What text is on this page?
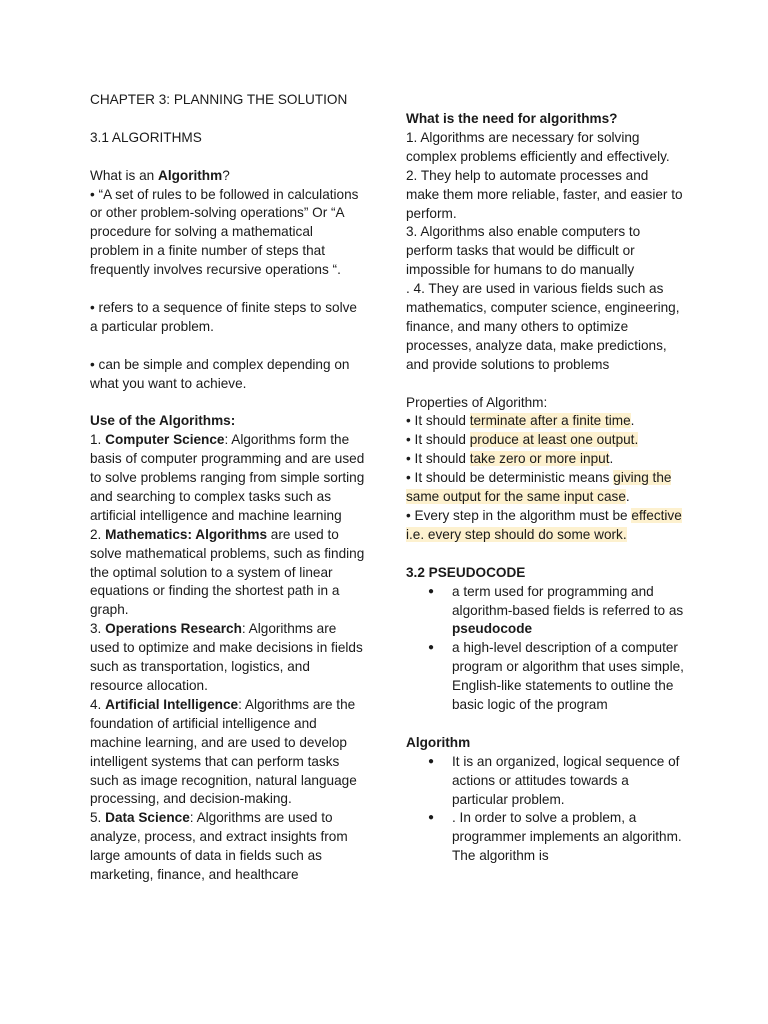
CHAPTER 3: PLANNING THE SOLUTION

3.1 ALGORITHMS

What is an Algorithm?

• “A set of rules to be followed in calculations or other problem-solving operations” Or “A procedure for solving a mathematical problem in a finite number of steps that frequently involves recursive operations “.

• refers to a sequence of finite steps to solve a particular problem.

• can be simple and complex depending on what you want to achieve.

Use of the Algorithms:

1. Computer Science: Algorithms form the basis of computer programming and are used to solve problems ranging from simple sorting and searching to complex tasks such as artificial intelligence and machine learning

2. Mathematics: Algorithms are used to solve mathematical problems, such as finding the optimal solution to a system of linear equations or finding the shortest path in a graph.

3. Operations Research: Algorithms are used to optimize and make decisions in fields such as transportation, logistics, and resource allocation.

4. Artificial Intelligence: Algorithms are the foundation of artificial intelligence and machine learning, and are used to develop intelligent systems that can perform tasks such as image recognition, natural language processing, and decision-making.

5. Data Science: Algorithms are used to analyze, process, and extract insights from large amounts of data in fields such as marketing, finance, and healthcare

What is the need for algorithms?

1. Algorithms are necessary for solving complex problems efficiently and effectively.

2. They help to automate processes and make them more reliable, faster, and easier to perform.

3. Algorithms also enable computers to perform tasks that would be difficult or impossible for humans to do manually

. 4. They are used in various fields such as mathematics, computer science, engineering, finance, and many others to optimize processes, analyze data, make predictions, and provide solutions to problems

Properties of Algorithm:

• It should terminate after a finite time.

• It should produce at least one output.

• It should take zero or more input.

• It should be deterministic means giving the same output for the same input case.

• Every step in the algorithm must be effective i.e. every step should do some work.

3.2 PSEUDOCODE

● a term used for programming and algorithm-based fields is referred to as pseudocode
● a high-level description of a computer program or algorithm that uses simple, English-like statements to outline the basic logic of the program

Algorithm

● It is an organized, logical sequence of actions or attitudes towards a particular problem.
● . In order to solve a problem, a programmer implements an algorithm. The algorithm is
